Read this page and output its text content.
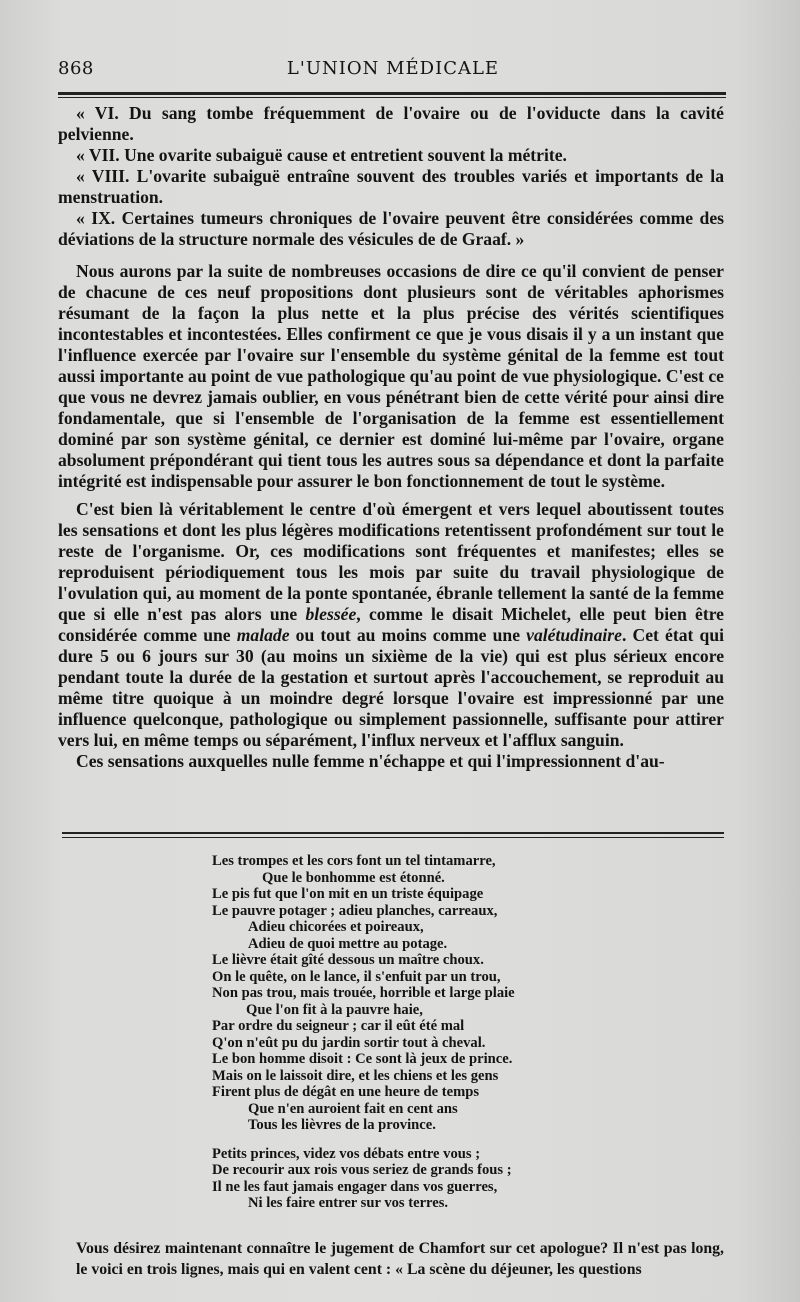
868	L'UNION MÉDICALE

« VI. Du sang tombe fréquemment de l'ovaire ou de l'oviducte dans la cavité pelvienne.

« VII. Une ovarite subaiguë cause et entretient souvent la métrite.

« VIII. L'ovarite subaiguë entraîne souvent des troubles variés et importants de la menstruation.

« IX. Certaines tumeurs chroniques de l'ovaire peuvent être considérées comme des déviations de la structure normale des vésicules de de Graaf. »

Nous aurons par la suite de nombreuses occasions de dire ce qu'il convient de penser de chacune de ces neuf propositions dont plusieurs sont de véritables aphorismes résumant de la façon la plus nette et la plus précise des vérités scientifiques incontestables et incontestées. Elles confirment ce que je vous disais il y a un instant que l'influence exercée par l'ovaire sur l'ensemble du système génital de la femme est tout aussi importante au point de vue pathologique qu'au point de vue physiologique. C'est ce que vous ne devrez jamais oublier, en vous pénétrant bien de cette vérité pour ainsi dire fondamentale, que si l'ensemble de l'organisation de la femme est essentiellement dominé par son système génital, ce dernier est dominé lui-même par l'ovaire, organe absolument prépondérant qui tient tous les autres sous sa dépendance et dont la parfaite intégrité est indispensable pour assurer le bon fonctionnement de tout le système.

C'est bien là véritablement le centre d'où émergent et vers lequel aboutissent toutes les sensations et dont les plus légères modifications retentissent profondément sur tout le reste de l'organisme. Or, ces modifications sont fréquentes et manifestes; elles se reproduisent périodiquement tous les mois par suite du travail physiologique de l'ovulation qui, au moment de la ponte spontanée, ébranle tellement la santé de la femme que si elle n'est pas alors une blessée, comme le disait Michelet, elle peut bien être considérée comme une malade ou tout au moins comme une valétudinaire. Cet état qui dure 5 ou 6 jours sur 30 (au moins un sixième de la vie) qui est plus sérieux encore pendant toute la durée de la gestation et surtout après l'accouchement, se reproduit au même titre quoique à un moindre degré lorsque l'ovaire est impressionné par une influence quelconque, pathologique ou simplement passionnelle, suffisante pour attirer vers lui, en même temps ou séparément, l'influx nerveux et l'afflux sanguin.

Ces sensations auxquelles nulle femme n'échappe et qui l'impressionnent d'au-

Les trompes et les cors font un tel tintamarre,
Que le bonhomme est étonné.
Le pis fut que l'on mit en un triste équipage
Le pauvre potager ; adieu planches, carreaux,
Adieu chicorées et poireaux,
Adieu de quoi mettre au potage.
Le lièvre était gîté dessous un maître choux.
On le quête, on le lance, il s'enfuit par un trou,
Non pas trou, mais trouée, horrible et large plaie
Que l'on fit à la pauvre haie,
Par ordre du seigneur ; car il eût été mal
Q'on n'eût pu du jardin sortir tout à cheval.
Le bon homme disoit : Ce sont là jeux de prince.
Mais on le laissoit dire, et les chiens et les gens
Firent plus de dégât en une heure de temps
Que n'en auroient fait en cent ans
Tous les lièvres de la province.
Petits princes, videz vos débats entre vous ;
De recourir aux rois vous seriez de grands fous ;
Il ne les faut jamais engager dans vos guerres,
Ni les faire entrer sur vos terres.

Vous désirez maintenant connaître le jugement de Chamfort sur cet apologue? Il n'est pas long, le voici en trois lignes, mais qui en valent cent : « La scène du déjeuner, les questions
